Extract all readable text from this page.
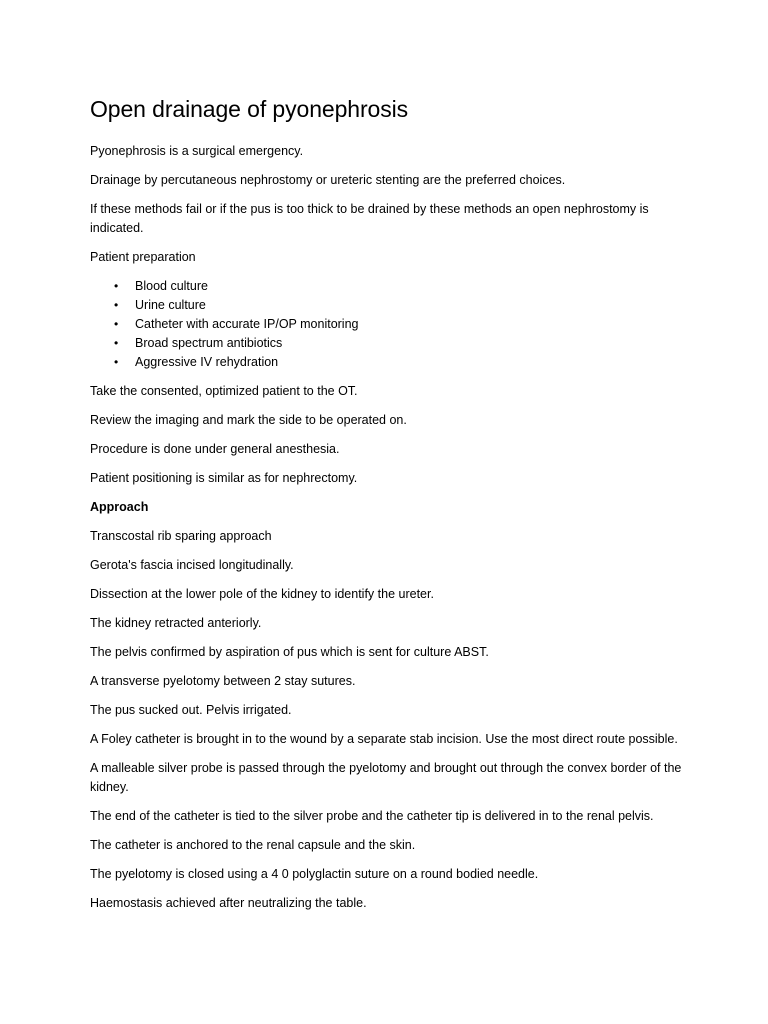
Open drainage of pyonephrosis

Pyonephrosis is a surgical emergency.

Drainage by percutaneous nephrostomy or ureteric stenting are the preferred choices.

If these methods fail or if the pus is too thick to be drained by these methods an open nephrostomy is indicated.

Patient preparation

• Blood culture
• Urine culture
• Catheter with accurate IP/OP monitoring
• Broad spectrum antibiotics
• Aggressive IV rehydration

Take the consented, optimized patient to the OT.

Review the imaging and mark the side to be operated on.

Procedure is done under general anesthesia.

Patient positioning is similar as for nephrectomy.

Approach

Transcostal rib sparing approach

Gerota's fascia incised longitudinally.

Dissection at the lower pole of the kidney to identify the ureter.

The kidney retracted anteriorly.

The pelvis confirmed by aspiration of pus which is sent for culture ABST.

A transverse pyelotomy between 2 stay sutures.

The pus sucked out. Pelvis irrigated.

A Foley catheter is brought in to the wound by a separate stab incision. Use the most direct route possible.

A malleable silver probe is passed through the pyelotomy and brought out through the convex border of the kidney.

The end of the catheter is tied to the silver probe and the catheter tip is delivered in to the renal pelvis.

The catheter is anchored to the renal capsule and the skin.

The pyelotomy is closed using a 4 0 polyglactin suture on a round bodied needle.

Haemostasis achieved after neutralizing the table.
